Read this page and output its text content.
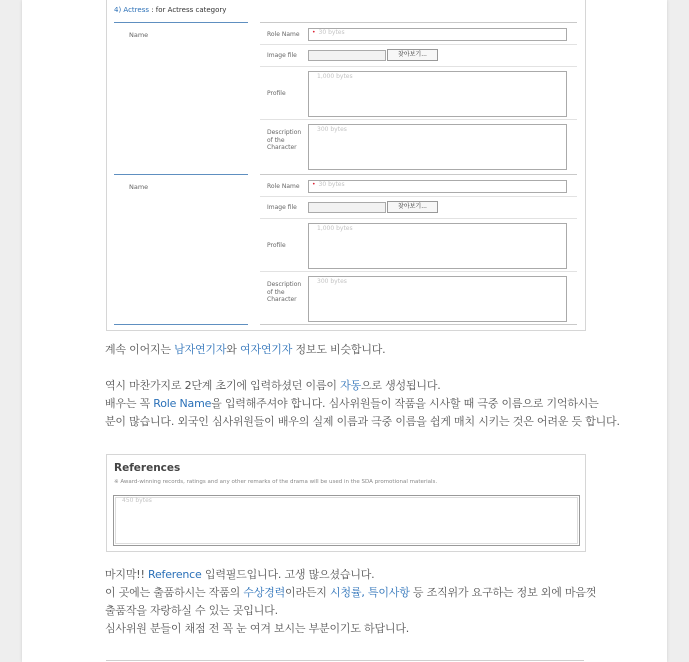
4) Actress : for Actress category
Name	Role Name	• 30 bytes
Image file	찾아보기...
Profile
1,000 bytes
Description of the Character
300 bytes
Name	Role Name	• 30 bytes
Image file	찾아보기...
Profile
1,000 bytes
Description of the Character
300 bytes
계속 이어지는 남자연기자와 여자연기자 정보도 비슷합니다.
역시 마찬가지로 2단계 초기에 입력하셨던 이름이 자동으로 생성됩니다.
배우는 꼭 Role Name을 입력해주셔야 합니다. 심사위원들이 작품을 시사할 때 극중 이름으로 기억하시는
분이 많습니다. 외국인 심사위원들이 배우의 실제 이름과 극중 이름을 쉽게 매치 시키는 것은 어려운 듯 합니다.
References
※ Award-winning records, ratings and any other remarks of the drama will be used in the SDA promotional materials.
450 bytes
마지막!! Reference 입력필드입니다. 고생 많으셨습니다.
이 곳에는 출품하시는 작품의 수상경력이라든지 시청률, 특이사항 등 조직위가 요구하는 정보 외에 마음껏
출품작을 자랑하실 수 있는 곳입니다.
심사위원 분들이 채점 전 꼭 눈 여겨 보시는 부분이기도 하답니다.
